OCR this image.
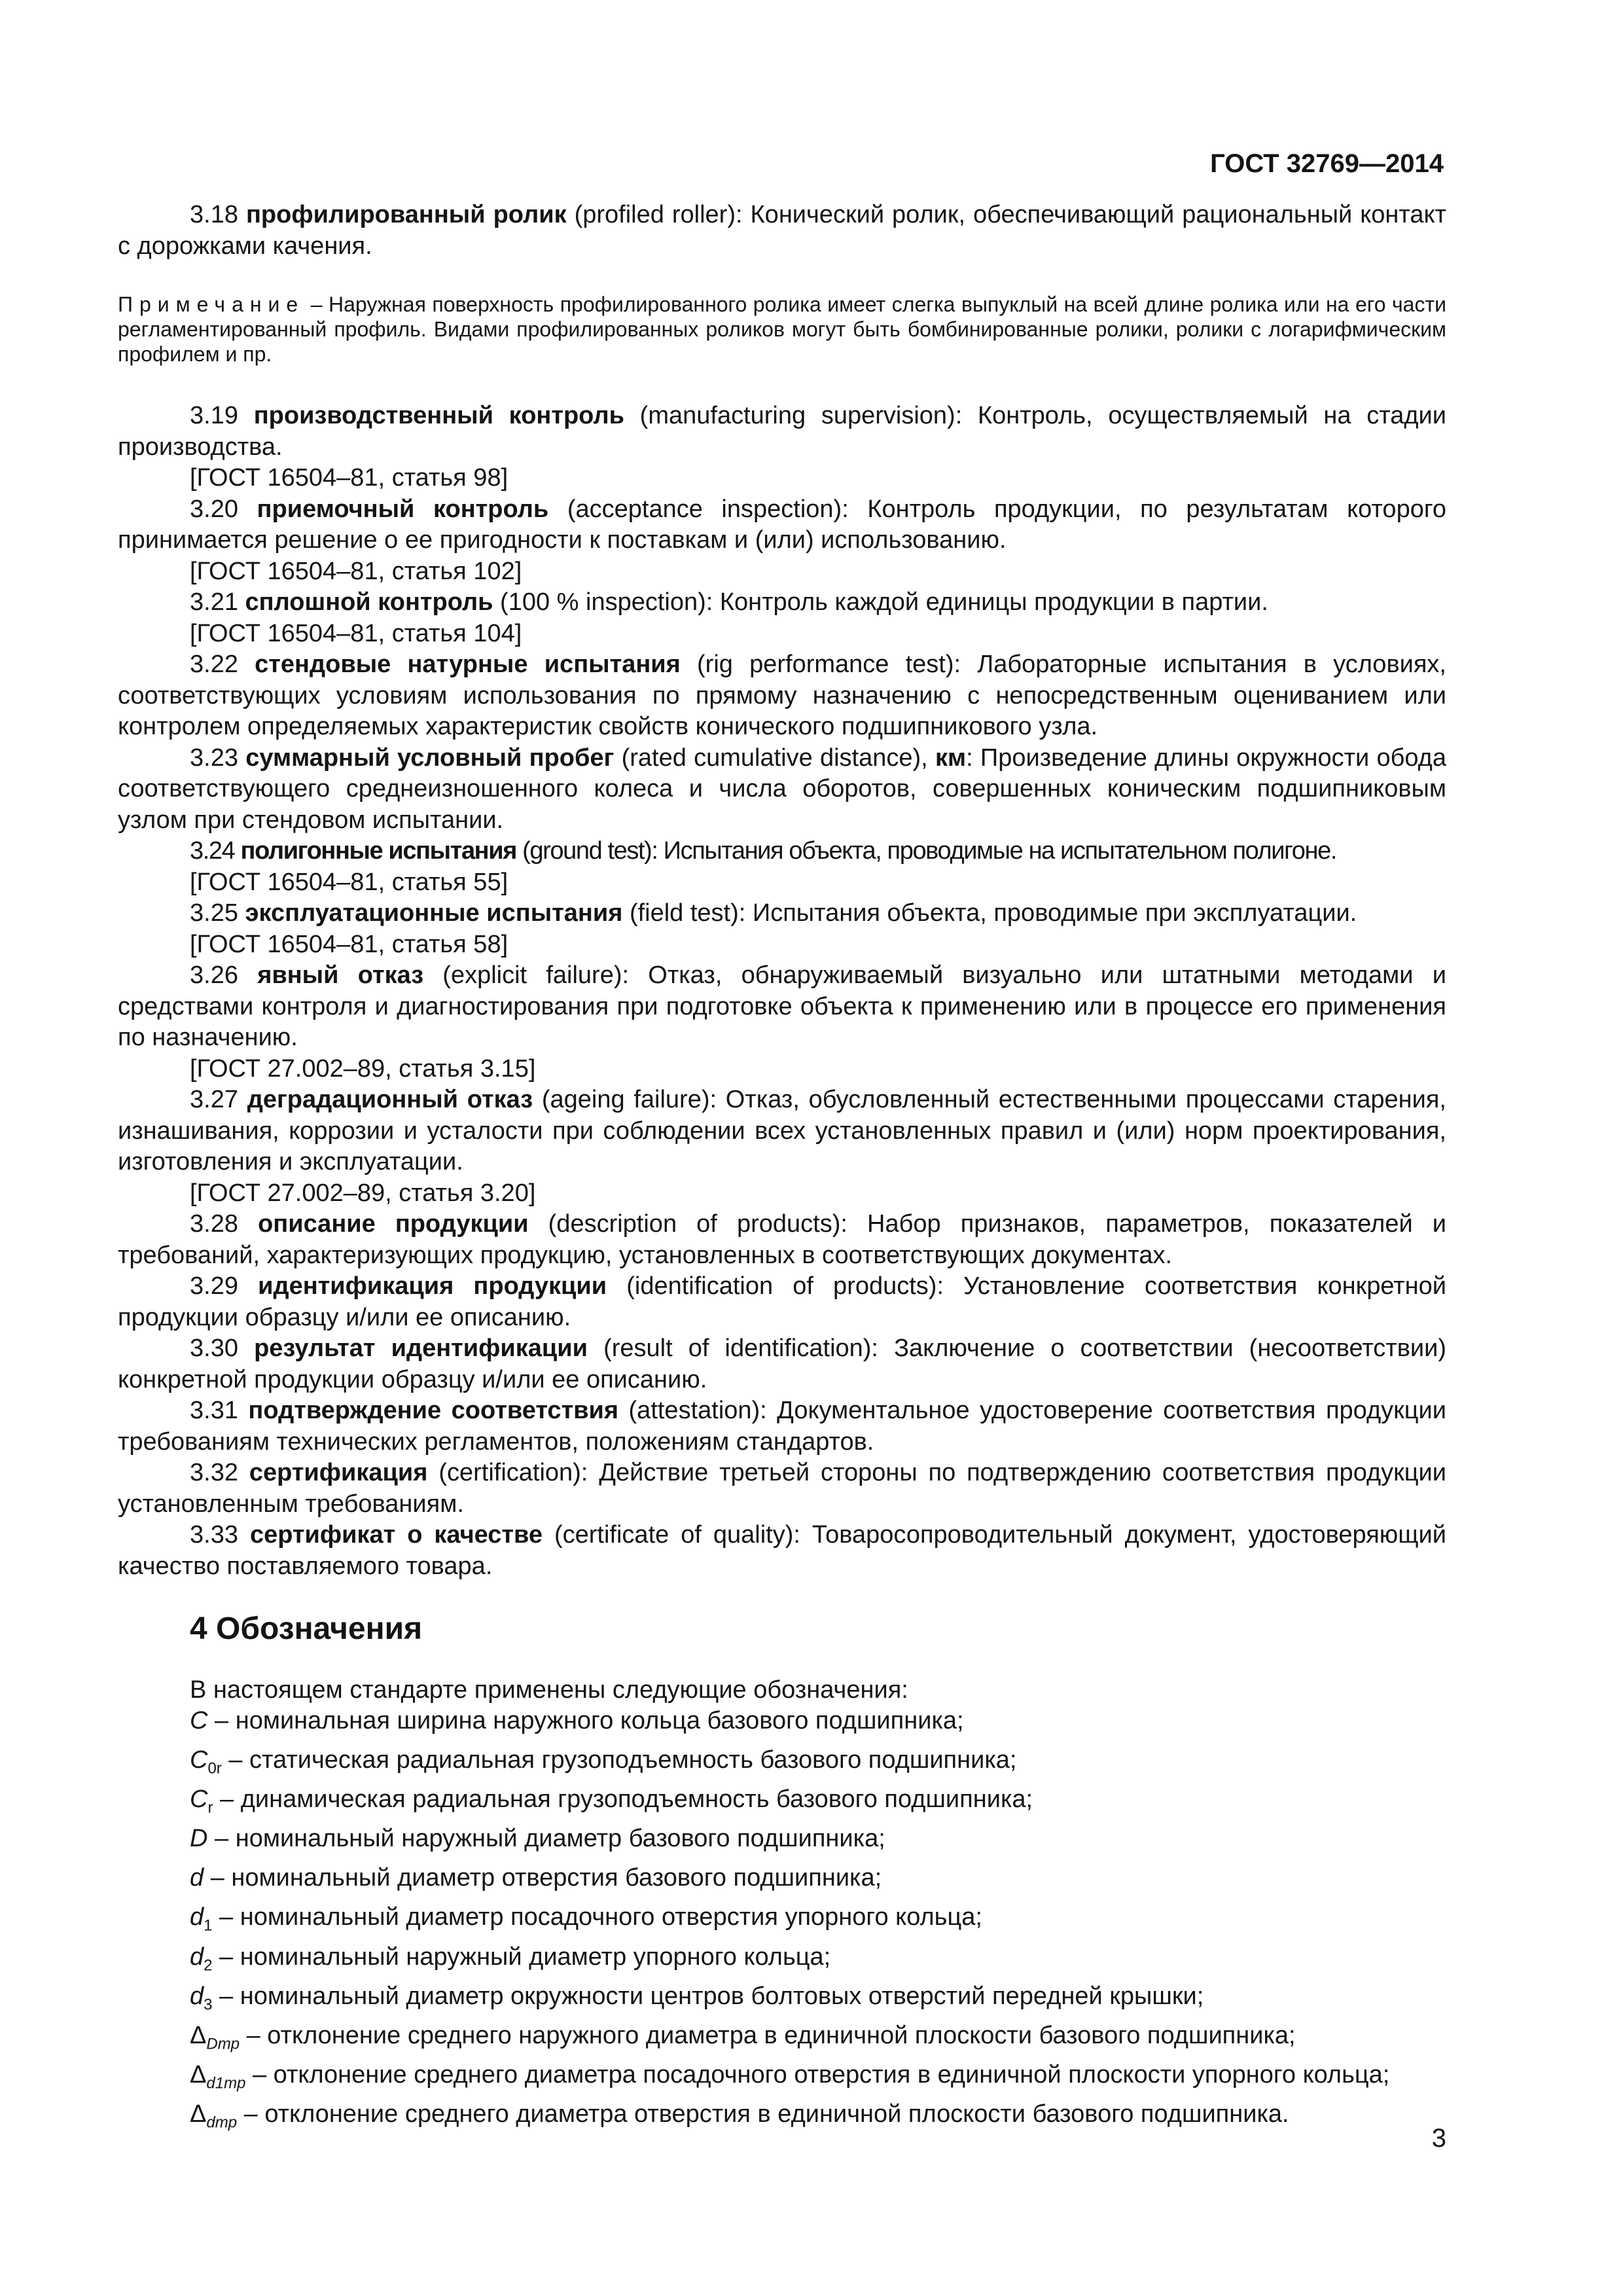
ГОСТ 32769—2014

3.18 профилированный ролик (profiled roller): Конический ролик, обеспечивающий рациональный контакт с дорожками качения.

Примечание – Наружная поверхность профилированного ролика имеет слегка выпуклый на всей длине ролика или на его части регламентированный профиль. Видами профилированных роликов могут быть бомбинированные ролики, ролики с логарифмическим профилем и пр.

3.19 производственный контроль (manufacturing supervision): Контроль, осуществляемый на стадии производства.

[ГОСТ 16504–81, статья 98]

3.20 приемочный контроль (acceptance inspection): Контроль продукции, по результатам которого принимается решение о ее пригодности к поставкам и (или) использованию.

[ГОСТ 16504–81, статья 102]

3.21 сплошной контроль (100 % inspection): Контроль каждой единицы продукции в партии.

[ГОСТ 16504–81, статья 104]

3.22 стендовые натурные испытания (rig performance test): Лабораторные испытания в условиях, соответствующих условиям использования по прямому назначению с непосредственным оцениванием или контролем определяемых характеристик свойств конического подшипникового узла.

3.23 суммарный условный пробег (rated cumulative distance), км: Произведение длины окружности обода соответствующего среднеизношенного колеса и числа оборотов, совершенных коническим подшипниковым узлом при стендовом испытании.

3.24 полигонные испытания (ground test): Испытания объекта, проводимые на испытательном полигоне.

[ГОСТ 16504–81, статья 55]

3.25 эксплуатационные испытания (field test): Испытания объекта, проводимые при эксплуатации.

[ГОСТ 16504–81, статья 58]

3.26 явный отказ (explicit failure): Отказ, обнаруживаемый визуально или штатными методами и средствами контроля и диагностирования при подготовке объекта к применению или в процессе его применения по назначению.

[ГОСТ 27.002–89, статья 3.15]

3.27 деградационный отказ (ageing failure): Отказ, обусловленный естественными процессами старения, изнашивания, коррозии и усталости при соблюдении всех установленных правил и (или) норм проектирования, изготовления и эксплуатации.

[ГОСТ 27.002–89, статья 3.20]

3.28 описание продукции (description of products): Набор признаков, параметров, показателей и требований, характеризующих продукцию, установленных в соответствующих документах.

3.29 идентификация продукции (identification of products): Установление соответствия конкретной продукции образцу и/или ее описанию.

3.30 результат идентификации (result of identification): Заключение о соответствии (несоответствии) конкретной продукции образцу и/или ее описанию.

3.31 подтверждение соответствия (attestation): Документальное удостоверение соответствия продукции требованиям технических регламентов, положениям стандартов.

3.32 сертификация (certification): Действие третьей стороны по подтверждению соответствия продукции установленным требованиям.

3.33 сертификат о качестве (certificate of quality): Товаросопроводительный документ, удостоверяющий качество поставляемого товара.

4 Обозначения

В настоящем стандарте применены следующие обозначения:

C – номинальная ширина наружного кольца базового подшипника;

$C_{0r}$ – статическая радиальная грузоподъемность базового подшипника;

$C_r$ – динамическая радиальная грузоподъемность базового подшипника;

D – номинальный наружный диаметр базового подшипника;

d – номинальный диаметр отверстия базового подшипника;

$d_1$ – номинальный диаметр посадочного отверстия упорного кольца;

$d_2$ – номинальный наружный диаметр упорного кольца;

$d_3$ – номинальный диаметр окружности центров болтовых отверстий передней крышки;

$\Delta_{Dmp}$ – отклонение среднего наружного диаметра в единичной плоскости базового подшипника;

$\Delta_{d1mp}$ – отклонение среднего диаметра посадочного отверстия в единичной плоскости упорного кольца;

$\Delta_{dmp}$ – отклонение среднего диаметра отверстия в единичной плоскости базового подшипника.

3
